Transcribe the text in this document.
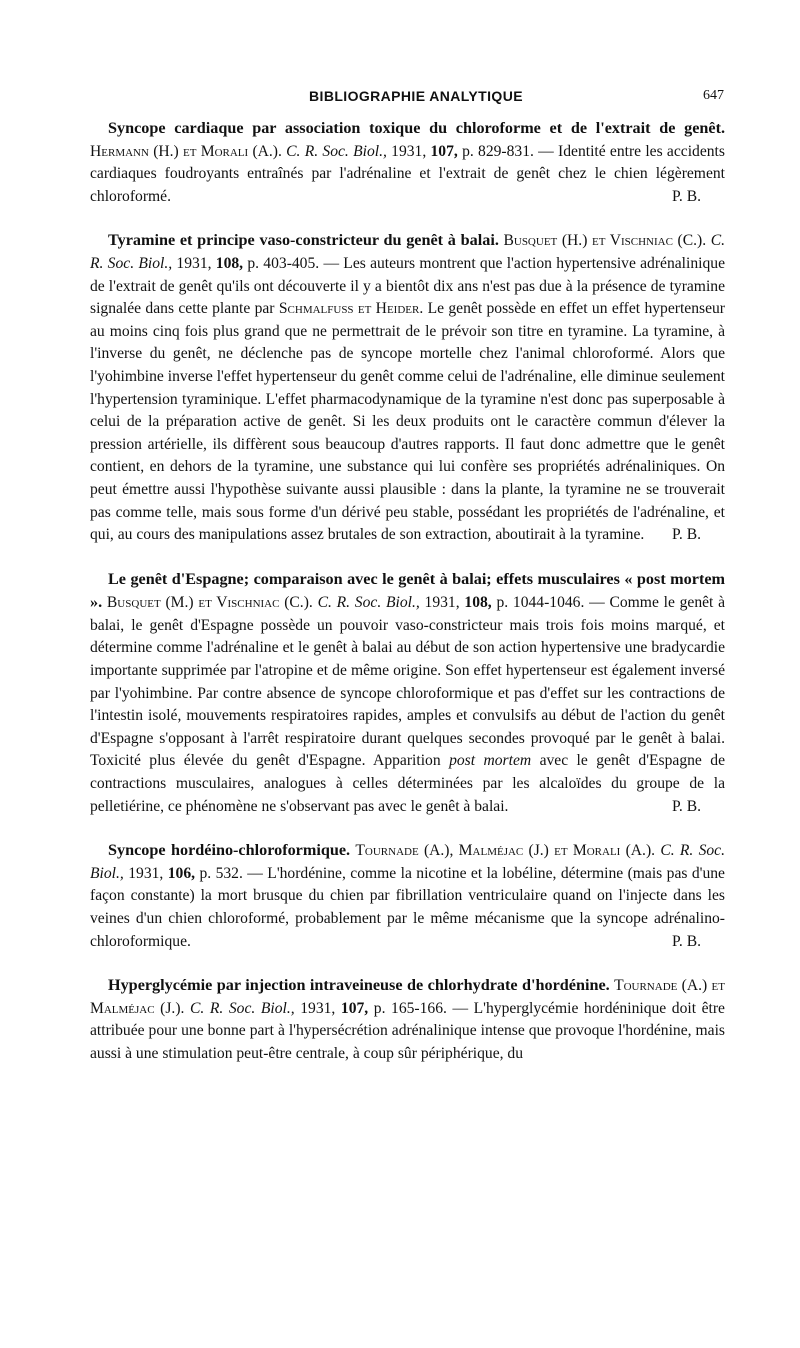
BIBLIOGRAPHIE ANALYTIQUE	647

Syncope cardiaque par association toxique du chloroforme et de l'extrait de genêt. Hermann (H.) et Morali (A.). C. R. Soc. Biol., 1931, 107, p. 829-831. — Identité entre les accidents cardiaques foudroyants entraînés par l'adrénaline et l'extrait de genêt chez le chien légèrement chloroformé.	P. B.

Tyramine et principe vaso-constricteur du genêt à balai. Busquet (H.) et Vischniac (C.). C. R. Soc. Biol., 1931, 108, p. 403-405. — Les auteurs montrent que l'action hypertensive adrénalinique de l'extrait de genêt qu'ils ont découverte il y a bientôt dix ans n'est pas due à la présence de tyramine signalée dans cette plante par Schmalfuss et Heider. Le genêt possède en effet un effet hypertenseur au moins cinq fois plus grand que ne permettrait de le prévoir son titre en tyramine. La tyramine, à l'inverse du genêt, ne déclenche pas de syncope mortelle chez l'animal chloroformé. Alors que l'yohimbine inverse l'effet hypertenseur du genêt comme celui de l'adrénaline, elle diminue seulement l'hypertension tyraminique. L'effet pharmacodynamique de la tyramine n'est donc pas superposable à celui de la préparation active de genêt. Si les deux produits ont le caractère commun d'élever la pression artérielle, ils diffèrent sous beaucoup d'autres rapports. Il faut donc admettre que le genêt contient, en dehors de la tyramine, une substance qui lui confère ses propriétés adrénaliniques. On peut émettre aussi l'hypothèse suivante aussi plausible : dans la plante, la tyramine ne se trouverait pas comme telle, mais sous forme d'un dérivé peu stable, possédant les propriétés de l'adrénaline, et qui, au cours des manipulations assez brutales de son extraction, aboutirait à la tyramine.	P. B.

Le genêt d'Espagne; comparaison avec le genêt à balai; effets musculaires « post mortem ». Busquet (M.) et Vischniac (C.). C. R. Soc. Biol., 1931, 108, p. 1044-1046. — Comme le genêt à balai, le genêt d'Espagne possède un pouvoir vaso-constricteur mais trois fois moins marqué, et détermine comme l'adrénaline et le genêt à balai au début de son action hypertensive une bradycardie importante supprimée par l'atropine et de même origine. Son effet hypertenseur est également inversé par l'yohimbine. Par contre absence de syncope chloroformique et pas d'effet sur les contractions de l'intestin isolé, mouvements respiratoires rapides, amples et convulsifs au début de l'action du genêt d'Espagne s'opposant à l'arrêt respiratoire durant quelques secondes provoqué par le genêt à balai. Toxicité plus élevée du genêt d'Espagne. Apparition post mortem avec le genêt d'Espagne de contractions musculaires, analogues à celles déterminées par les alcaloïdes du groupe de la pelletiérine, ce phénomène ne s'observant pas avec le genêt à balai.	P. B.

Syncope hordéino-chloroformique. Tournade (A.), Malméjac (J.) et Morali (A.). C. R. Soc. Biol., 1931, 106, p. 532. — L'hordénine, comme la nicotine et la lobéline, détermine (mais pas d'une façon constante) la mort brusque du chien par fibrillation ventriculaire quand on l'injecte dans les veines d'un chien chloroformé, probablement par le même mécanisme que la syncope adrénalino-chloroformique.	P. B.

Hyperglycémie par injection intraveineuse de chlorhydrate d'hordénine. Tournade (A.) et Malméjac (J.). C. R. Soc. Biol., 1931, 107, p. 165-166. — L'hyperglycémie hordéninique doit être attribuée pour une bonne part à l'hypersécrétion adrénalinique intense que provoque l'hordénine, mais aussi à une stimulation peut-être centrale, à coup sûr périphérique, du
